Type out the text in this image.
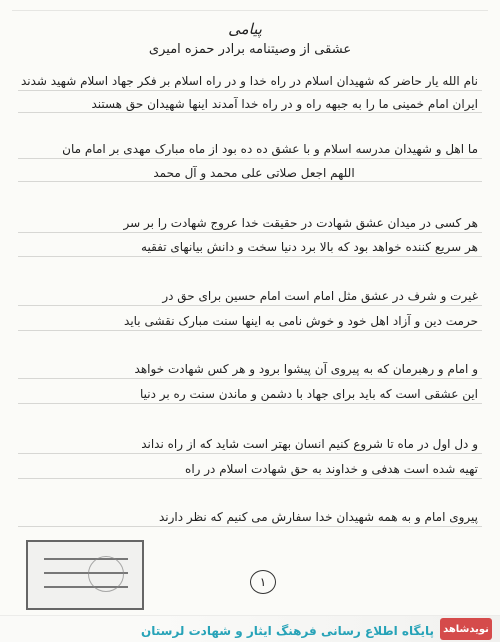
پیامی
عشقی از وصیتنامه برادر حمزه امیری
نام الله یار حاضر که شهیدان اسلام در راه خدا و در راه اسلام بر فکر جهاد اسلام شهید شدند
ایران امام خمینی ما را به جبهه راه و در راه خدا آمدند اینها شهیدان حق هستند
ما اهل و شهیدان مدرسه اسلام و با عشق ده ده بود از ماه مبارک مهدی بر امام مان
اللهم اجعل صلاتی علی محمد و آل محمد
هر کسی در میدان عشق شهادت در حقیقت خدا عروج شهادت را بر سر
هر سریع کننده خواهد بود که بالا برد دنیا سخت و دانش بیانهای تفقیه
غیرت و شرف در عشق مثل امام است امام حسین برای حق در
حرمت دین و آزاد اهل خود و خوش نامی به اینها سنت مبارک نقشی باید
و امام و رهبرمان که به پیروی آن پیشوا برود و هر کس شهادت خواهد
این عشقی است که باید برای جهاد با دشمن و ماندن سنت ره بر دنیا
و دل اول در ماه تا شروع کنیم انسان بهتر است شاید که از راه نداند
تهیه شده است هدفی و خداوند به حق شهادت اسلام در راه
پیروی امام و به همه شهیدان خدا سفارش می کنیم که نظر دارند
۱
پایگاه اطلاع رسانی فرهنگ ایثار و شهادت لرستان نویدشاهد
